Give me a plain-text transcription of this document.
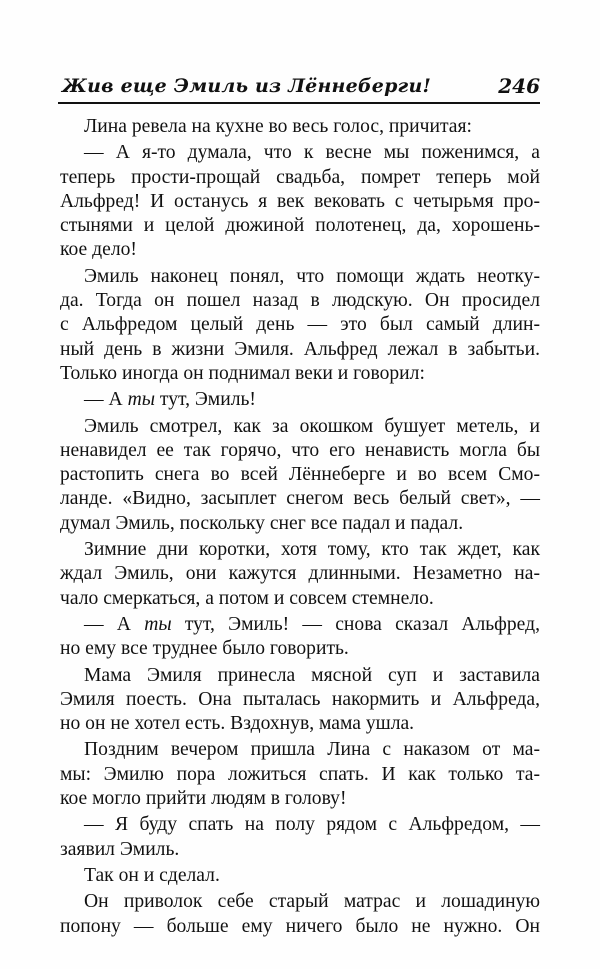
Жив еще Эмиль из Лённеберги!	246

Лина ревела на кухне во весь голос, причитая:

— А я-то думала, что к весне мы поженимся, а
теперь прости-прощай свадьба, помрет теперь мой
Альфред! И останусь я век вековать с четырьмя про-
стынями и целой дюжиной полотенец, да, хорошень-
кое дело!

Эмиль наконец понял, что помощи ждать неотку-
да. Тогда он пошел назад в людскую. Он просидел
с Альфредом целый день — это был самый длин-
ный день в жизни Эмиля. Альфред лежал в забытьи.
Только иногда он поднимал веки и говорил:

— А ты тут, Эмиль!

Эмиль смотрел, как за окошком бушует метель, и
ненавидел ее так горячо, что его ненависть могла бы
растопить снега во всей Лённеберге и во всем Смо-
ланде. «Видно, засыплет снегом весь белый свет», —
думал Эмиль, поскольку снег все падал и падал.

Зимние дни коротки, хотя тому, кто так ждет, как
ждал Эмиль, они кажутся длинными. Незаметно на-
чало смеркаться, а потом и совсем стемнело.

— А ты тут, Эмиль! — снова сказал Альфред,
но ему все труднее было говорить.

Мама Эмиля принесла мясной суп и заставила
Эмиля поесть. Она пыталась накормить и Альфреда,
но он не хотел есть. Вздохнув, мама ушла.

Поздним вечером пришла Лина с наказом от ма-
мы: Эмилю пора ложиться спать. И как только та-
кое могло прийти людям в голову!

— Я буду спать на полу рядом с Альфредом, —
заявил Эмиль.

Так он и сделал.

Он приволок себе старый матрас и лошадиную
попону — больше ему ничего было не нужно. Он
